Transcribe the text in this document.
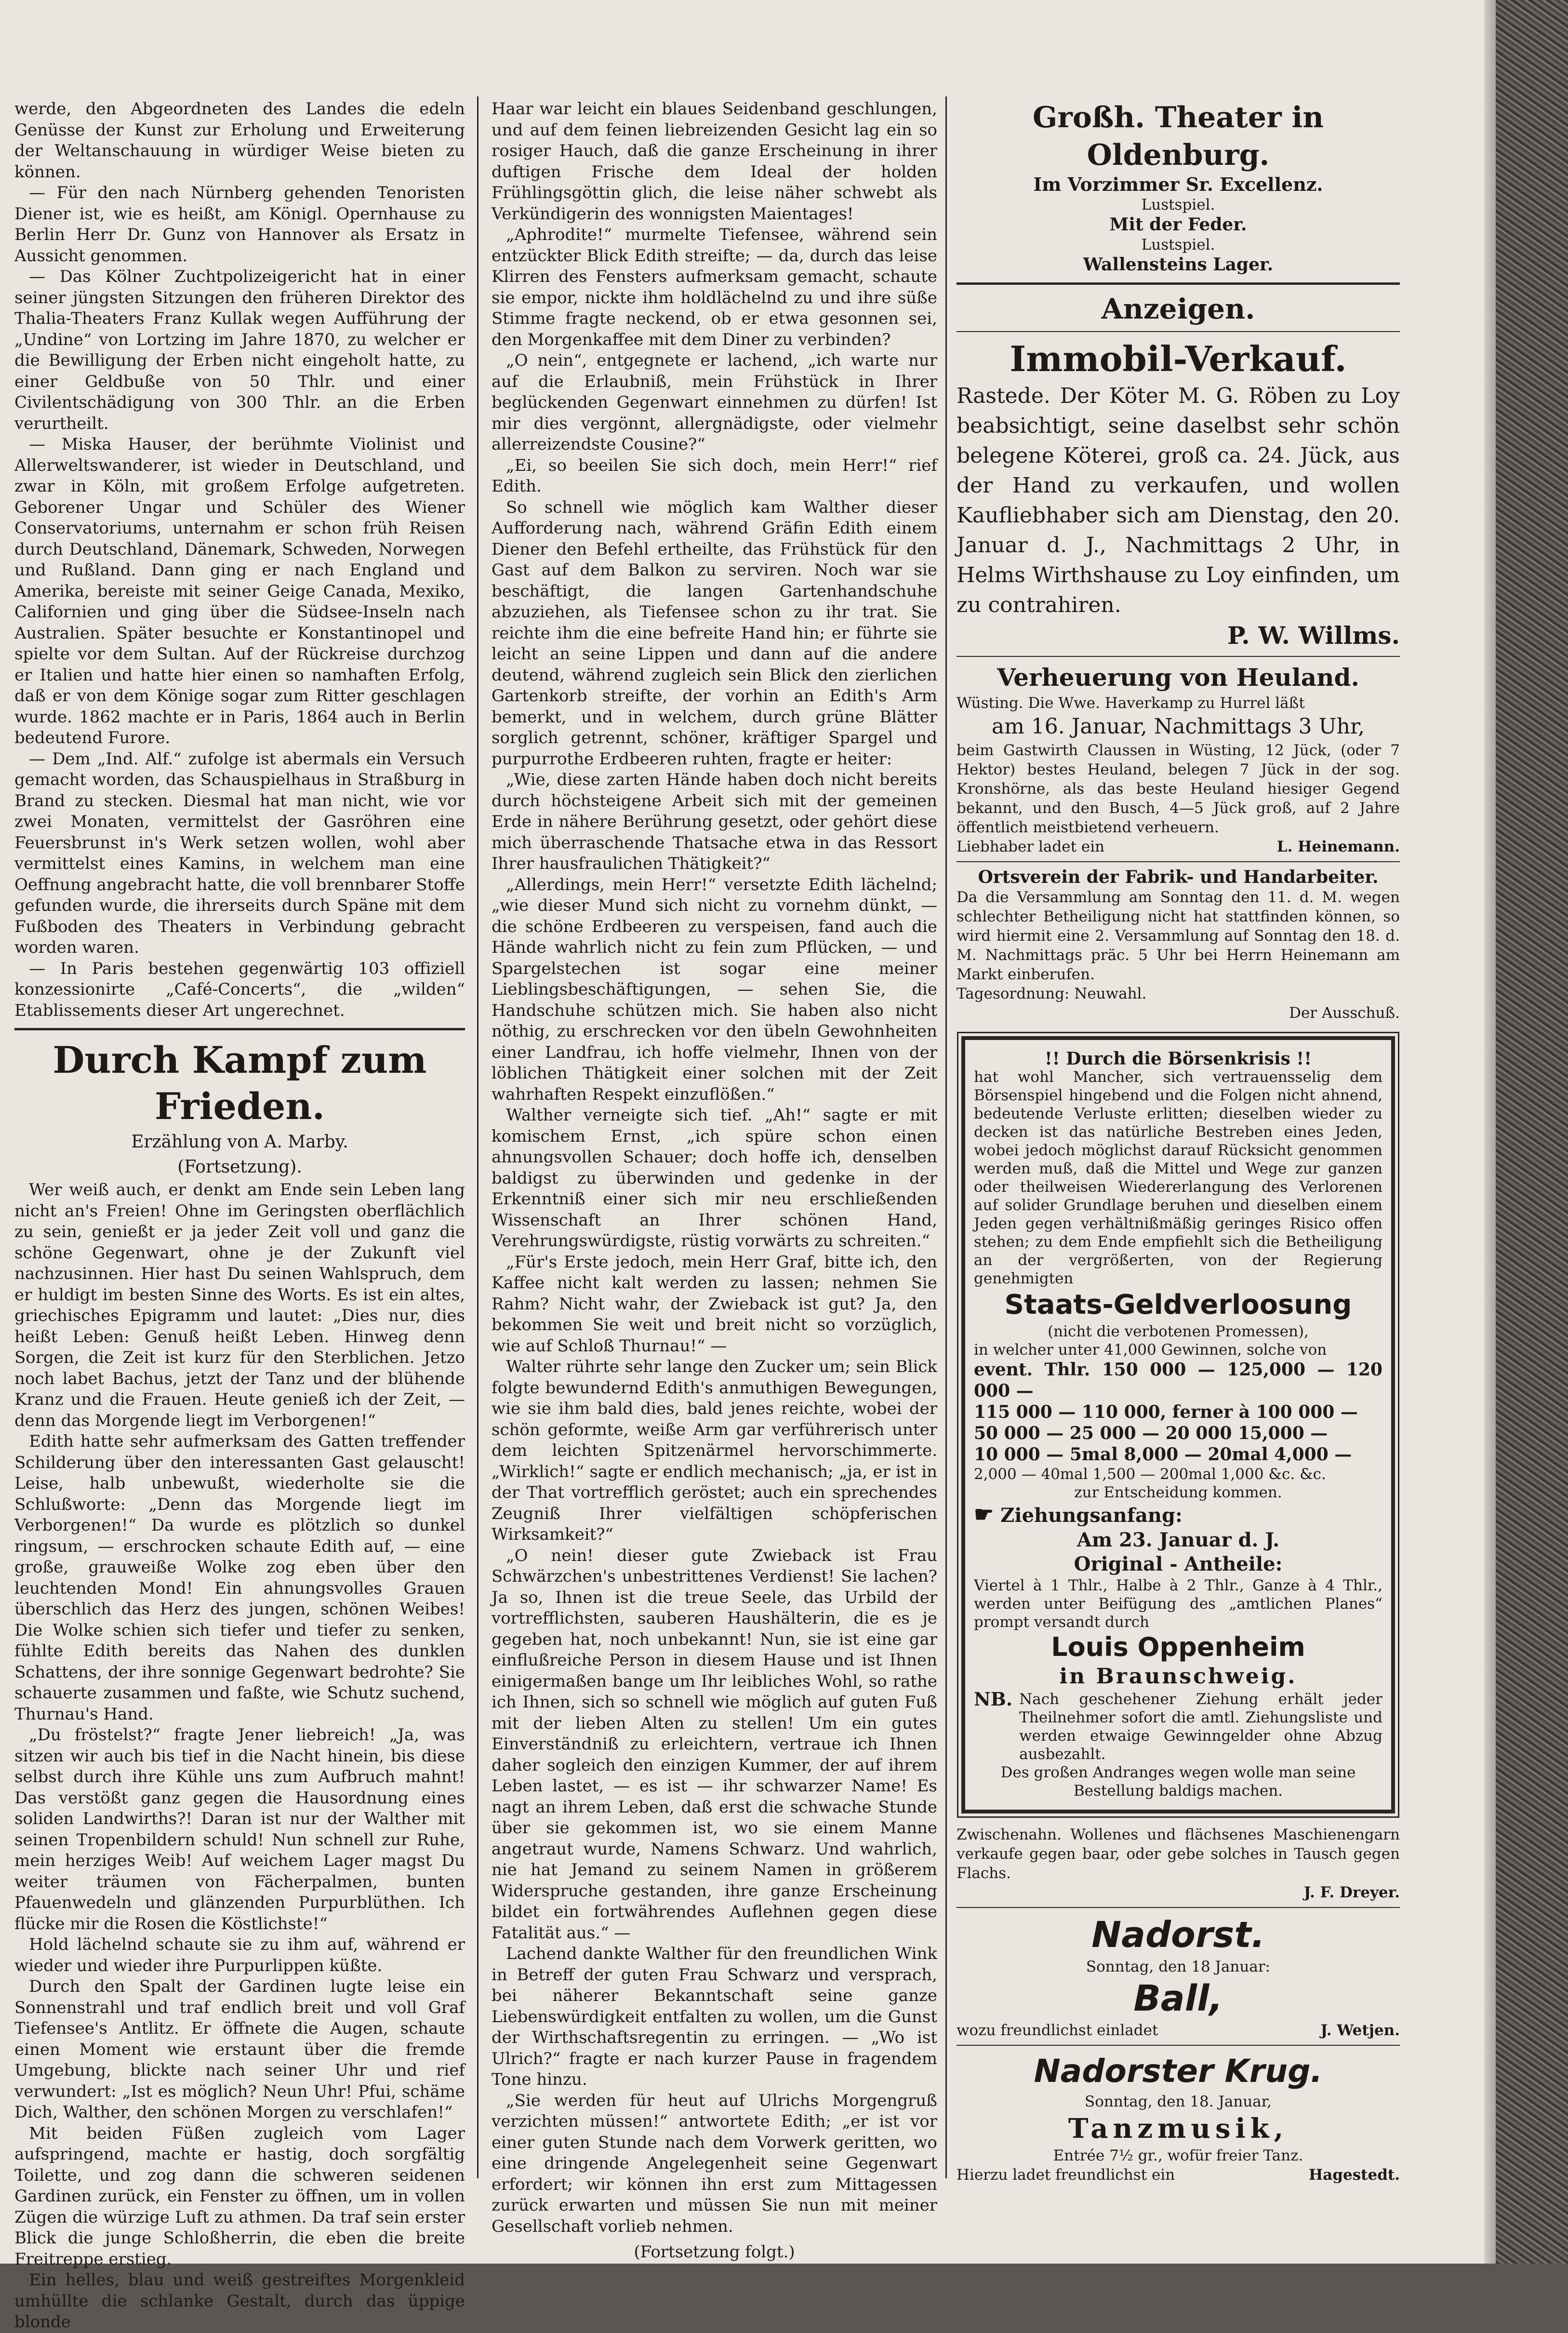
werde, den Abgeordneten des Landes die edeln Genüsse der Kunst zur Erholung und Erweiterung der Weltanschauung in würdiger Weise bieten zu können.

— Für den nach Nürnberg gehenden Tenoristen Diener ist, wie es heißt, am Königl. Opernhause zu Berlin Herr Dr. Gunz von Hannover als Ersatz in Aussicht genommen.

— Das Kölner Zuchtpolizeigericht hat in einer seiner jüngsten Sitzungen den früheren Direktor des Thalia-Theaters Franz Kullak wegen Aufführung der „Undine“ von Lortzing im Jahre 1870, zu welcher er die Bewilligung der Erben nicht eingeholt hatte, zu einer Geldbuße von 50 Thlr. und einer Civilentschädigung von 300 Thlr. an die Erben verurtheilt.

— Miska Hauser, der berühmte Violinist und Allerweltswanderer, ist wieder in Deutschland, und zwar in Köln, mit großem Erfolge aufgetreten. Geborener Ungar und Schüler des Wiener Conservatoriums, unternahm er schon früh Reisen durch Deutschland, Dänemark, Schweden, Norwegen und Rußland. Dann ging er nach England und Amerika, bereiste mit seiner Geige Canada, Mexiko, Californien und ging über die Südsee-Inseln nach Australien. Später besuchte er Konstantinopel und spielte vor dem Sultan. Auf der Rückreise durchzog er Italien und hatte hier einen so namhaften Erfolg, daß er von dem Könige sogar zum Ritter geschlagen wurde. 1862 machte er in Paris, 1864 auch in Berlin bedeutend Furore.

— Dem „Ind. Alf.“ zufolge ist abermals ein Versuch gemacht worden, das Schauspielhaus in Straßburg in Brand zu stecken. Diesmal hat man nicht, wie vor zwei Monaten, vermittelst der Gasröhren eine Feuersbrunst in's Werk setzen wollen, wohl aber vermittelst eines Kamins, in welchem man eine Oeffnung angebracht hatte, die voll brennbarer Stoffe gefunden wurde, die ihrerseits durch Späne mit dem Fußboden des Theaters in Verbindung gebracht worden waren.

— In Paris bestehen gegenwärtig 103 offiziell konzessionirte „Café-Concerts“, die „wilden“ Etablissements dieser Art ungerechnet.

Durch Kampf zum Frieden.
Erzählung von A. Marby.
(Fortsetzung).

Wer weiß auch, er denkt am Ende sein Leben lang nicht an's Freien! Ohne im Geringsten oberflächlich zu sein, genießt er ja jeder Zeit voll und ganz die schöne Gegenwart, ohne je der Zukunft viel nachzusinnen. Hier hast Du seinen Wahlspruch, dem er huldigt im besten Sinne des Worts. Es ist ein altes, griechisches Epigramm und lautet: „Dies nur, dies heißt Leben: Genuß heißt Leben. Hinweg denn Sorgen, die Zeit ist kurz für den Sterblichen. Jetzo noch labet Bachus, jetzt der Tanz und der blühende Kranz und die Frauen. Heute genieß ich der Zeit, — denn das Morgende liegt im Verborgenen!“

Edith hatte sehr aufmerksam des Gatten treffender Schilderung über den interessanten Gast gelauscht! Leise, halb unbewußt, wiederholte sie die Schlußworte: „Denn das Morgende liegt im Verborgenen!“ Da wurde es plötzlich so dunkel ringsum, — erschrocken schaute Edith auf, — eine große, grauweiße Wolke zog eben über den leuchtenden Mond! Ein ahnungsvolles Grauen überschlich das Herz des jungen, schönen Weibes! Die Wolke schien sich tiefer und tiefer zu senken, fühlte Edith bereits das Nahen des dunklen Schattens, der ihre sonnige Gegenwart bedrohte? Sie schauerte zusammen und faßte, wie Schutz suchend, Thurnau's Hand.

„Du fröstelst?“ fragte Jener liebreich! „Ja, was sitzen wir auch bis tief in die Nacht hinein, bis diese selbst durch ihre Kühle uns zum Aufbruch mahnt! Das verstößt ganz gegen die Hausordnung eines soliden Landwirths?! Daran ist nur der Walther mit seinen Tropenbildern schuld! Nun schnell zur Ruhe, mein herziges Weib! Auf weichem Lager magst Du weiter träumen von Fächerpalmen, bunten Pfauenwedeln und glänzenden Purpurblüthen. Ich flücke mir die Rosen die Köstlichste!“

Hold lächelnd schaute sie zu ihm auf, während er wieder und wieder ihre Purpurlippen küßte.

Durch den Spalt der Gardinen lugte leise ein Sonnenstrahl und traf endlich breit und voll Graf Tiefensee's Antlitz. Er öffnete die Augen, schaute einen Moment wie erstaunt über die fremde Umgebung, blickte nach seiner Uhr und rief verwundert: „Ist es möglich? Neun Uhr! Pfui, schäme Dich, Walther, den schönen Morgen zu verschlafen!“

Mit beiden Füßen zugleich vom Lager aufspringend, machte er hastig, doch sorgfältig Toilette, und zog dann die schweren seidenen Gardinen zurück, ein Fenster zu öffnen, um in vollen Zügen die würzige Luft zu athmen. Da traf sein erster Blick die junge Schloßherrin, die eben die breite Freitreppe erstieg.

Ein helles, blau und weiß gestreiftes Morgenkleid umhüllte die schlanke Gestalt, durch das üppige blonde

Haar war leicht ein blaues Seidenband geschlungen, und auf dem feinen liebreizenden Gesicht lag ein so rosiger Hauch, daß die ganze Erscheinung in ihrer duftigen Frische dem Ideal der holden Frühlingsgöttin glich, die leise näher schwebt als Verkündigerin des wonnigsten Maientages!

„Aphrodite!“ murmelte Tiefensee, während sein entzückter Blick Edith streifte; — da, durch das leise Klirren des Fensters aufmerksam gemacht, schaute sie empor, nickte ihm holdlächelnd zu und ihre süße Stimme fragte neckend, ob er etwa gesonnen sei, den Morgenkaffee mit dem Diner zu verbinden?

„O nein“, entgegnete er lachend, „ich warte nur auf die Erlaubniß, mein Frühstück in Ihrer beglückenden Gegenwart einnehmen zu dürfen! Ist mir dies vergönnt, allergnädigste, oder vielmehr allerreizendste Cousine?“

„Ei, so beeilen Sie sich doch, mein Herr!“ rief Edith.

So schnell wie möglich kam Walther dieser Aufforderung nach, während Gräfin Edith einem Diener den Befehl ertheilte, das Frühstück für den Gast auf dem Balkon zu serviren. Noch war sie beschäftigt, die langen Gartenhandschuhe abzuziehen, als Tiefensee schon zu ihr trat. Sie reichte ihm die eine befreite Hand hin; er führte sie leicht an seine Lippen und dann auf die andere deutend, während zugleich sein Blick den zierlichen Gartenkorb streifte, der vorhin an Edith's Arm bemerkt, und in welchem, durch grüne Blätter sorglich getrennt, schöner, kräftiger Spargel und purpurrothe Erdbeeren ruhten, fragte er heiter:

„Wie, diese zarten Hände haben doch nicht bereits durch höchsteigene Arbeit sich mit der gemeinen Erde in nähere Berührung gesetzt, oder gehört diese mich überraschende Thatsache etwa in das Ressort Ihrer hausfraulichen Thätigkeit?“

„Allerdings, mein Herr!“ versetzte Edith lächelnd; „wie dieser Mund sich nicht zu vornehm dünkt, — die schöne Erdbeeren zu verspeisen, fand auch die Hände wahrlich nicht zu fein zum Pflücken, — und Spargelstechen ist sogar eine meiner Lieblingsbeschäftigungen, — sehen Sie, die Handschuhe schützen mich. Sie haben also nicht nöthig, zu erschrecken vor den übeln Gewohnheiten einer Landfrau, ich hoffe vielmehr, Ihnen von der löblichen Thätigkeit einer solchen mit der Zeit wahrhaften Respekt einzuflößen.“

Walther verneigte sich tief. „Ah!“ sagte er mit komischem Ernst, „ich spüre schon einen ahnungsvollen Schauer; doch hoffe ich, denselben baldigst zu überwinden und gedenke in der Erkenntniß einer sich mir neu erschließenden Wissenschaft an Ihrer schönen Hand, Verehrungswürdigste, rüstig vorwärts zu schreiten.“

„Für's Erste jedoch, mein Herr Graf, bitte ich, den Kaffee nicht kalt werden zu lassen; nehmen Sie Rahm? Nicht wahr, der Zwieback ist gut? Ja, den bekommen Sie weit und breit nicht so vorzüglich, wie auf Schloß Thurnau!“ —

Walter rührte sehr lange den Zucker um; sein Blick folgte bewundernd Edith's anmuthigen Bewegungen, wie sie ihm bald dies, bald jenes reichte, wobei der schön geformte, weiße Arm gar verführerisch unter dem leichten Spitzenärmel hervorschimmerte. „Wirklich!“ sagte er endlich mechanisch; „ja, er ist in der That vortrefflich geröstet; auch ein sprechendes Zeugniß Ihrer vielfältigen schöpferischen Wirksamkeit?“

„O nein! dieser gute Zwieback ist Frau Schwärzchen's unbestrittenes Verdienst! Sie lachen? Ja so, Ihnen ist die treue Seele, das Urbild der vortrefflichsten, sauberen Haushälterin, die es je gegeben hat, noch unbekannt! Nun, sie ist eine gar einflußreiche Person in diesem Hause und ist Ihnen einigermaßen bange um Ihr leibliches Wohl, so rathe ich Ihnen, sich so schnell wie möglich auf guten Fuß mit der lieben Alten zu stellen! Um ein gutes Einverständniß zu erleichtern, vertraue ich Ihnen daher sogleich den einzigen Kummer, der auf ihrem Leben lastet, — es ist — ihr schwarzer Name! Es nagt an ihrem Leben, daß erst die schwache Stunde über sie gekommen ist, wo sie einem Manne angetraut wurde, Namens Schwarz. Und wahrlich, nie hat Jemand zu seinem Namen in größerem Widerspruche gestanden, ihre ganze Erscheinung bildet ein fortwährendes Auflehnen gegen diese Fatalität aus.“ —

Lachend dankte Walther für den freundlichen Wink in Betreff der guten Frau Schwarz und versprach, bei näherer Bekanntschaft seine ganze Liebenswürdigkeit entfalten zu wollen, um die Gunst der Wirthschaftsregentin zu erringen. — „Wo ist Ulrich?“ fragte er nach kurzer Pause in fragendem Tone hinzu.

„Sie werden für heut auf Ulrichs Morgengruß verzichten müssen!“ antwortete Edith; „er ist vor einer guten Stunde nach dem Vorwerk geritten, wo eine dringende Angelegenheit seine Gegenwart erfordert; wir können ihn erst zum Mittagessen zurück erwarten und müssen Sie nun mit meiner Gesellschaft vorlieb nehmen.

(Fortsetzung folgt.)
Großh. Theater in Oldenburg.
Im Vorzimmer Sr. Excellenz.
Lustspiel.
Mit der Feder.
Lustspiel.
Wallensteins Lager.
Anzeigen.
Immobil-Verkauf.
Rastede. Der Köter M. G. Röben zu Loy beabsichtigt, seine daselbst sehr schön belegene Köterei, groß ca. 24. Jück, aus der Hand zu verkaufen, und wollen Kaufliebhaber sich am Dienstag, den 20. Januar d. J., Nachmittags 2 Uhr, in Helms Wirthshause zu Loy einfinden, um zu contrahiren.
P. W. Willms.
Verheuerung von Heuland.
Wüsting. Die Wwe. Haverkamp zu Hurrel läßt
am 16. Januar, Nachmittags 3 Uhr,
beim Gastwirth Claussen in Wüsting, 12 Jück, (oder 7 Hektor) bestes Heuland, belegen 7 Jück in der sog. Kronshörne, als das beste Heuland hiesiger Gegend bekannt, und den Busch, 4—5 Jück groß, auf 2 Jahre öffentlich meistbietend verheuern.
Liebhaber ladet ein	L. Heinemann.
Ortsverein der Fabrik- und Handarbeiter.
Da die Versammlung am Sonntag den 11. d. M. wegen schlechter Betheiligung nicht hat stattfinden können, so wird hiermit eine 2. Versammlung auf Sonntag den 18. d. M. Nachmittags präc. 5 Uhr bei Herrn Heinemann am Markt einberufen.
Tagesordnung: Neuwahl.
Der Ausschuß.
!! Durch die Börsenkrisis !!
hat wohl Mancher, sich vertrauensselig dem Börsenspiel hingebend und die Folgen nicht ahnend, bedeutende Verluste erlitten; dieselben wieder zu decken ist das natürliche Bestreben eines Jeden, wobei jedoch möglichst darauf Rücksicht genommen werden muß, daß die Mittel und Wege zur ganzen oder theilweisen Wiedererlangung des Verlorenen auf solider Grundlage beruhen und dieselben einem Jeden gegen verhältnißmäßig geringes Risico offen stehen; zu dem Ende empfiehlt sich die Betheiligung an der vergrößerten, von der Regierung genehmigten
Staats-Geldverloosung
(nicht die verbotenen Promessen),
in welcher unter 41,000 Gewinnen, solche von
event. Thlr. 150 000 — 125,000 — 120 000 —
115 000 — 110 000, ferner à 100 000 —
50 000 — 25 000 — 20 000 15,000 —
10 000 — 5mal 8,000 — 20mal 4,000 —
2,000 — 40mal 1,500 — 200mal 1,000 &c. &c.
zur Entscheidung kommen.
☛ Ziehungsanfang:
Am 23. Januar d. J.
Original - Antheile:
Viertel à 1 Thlr., Halbe à 2 Thlr., Ganze à 4 Thlr., werden unter Beifügung des „amtlichen Planes“ prompt versandt durch
Louis Oppenheim
in Braunschweig.
NB. Nach geschehener Ziehung erhält jeder Theilnehmer sofort die amtl. Ziehungsliste und werden etwaige Gewinngelder ohne Abzug ausbezahlt.
Des großen Andranges wegen wolle man seine Bestellung baldigs machen.
Zwischenahn. Wollenes und flächsenes Maschienengarn verkaufe gegen baar, oder gebe solches in Tausch gegen Flachs.
J. F. Dreyer.
Nadorst.
Sonntag, den 18 Januar:
Ball,
wozu freundlichst einladet	J. Wetjen.
Nadorster Krug.
Sonntag, den 18. Januar,
Tanzmusik,
Entrée 7½ gr., wofür freier Tanz.
Hierzu ladet freundlichst ein	Hagestedt.
